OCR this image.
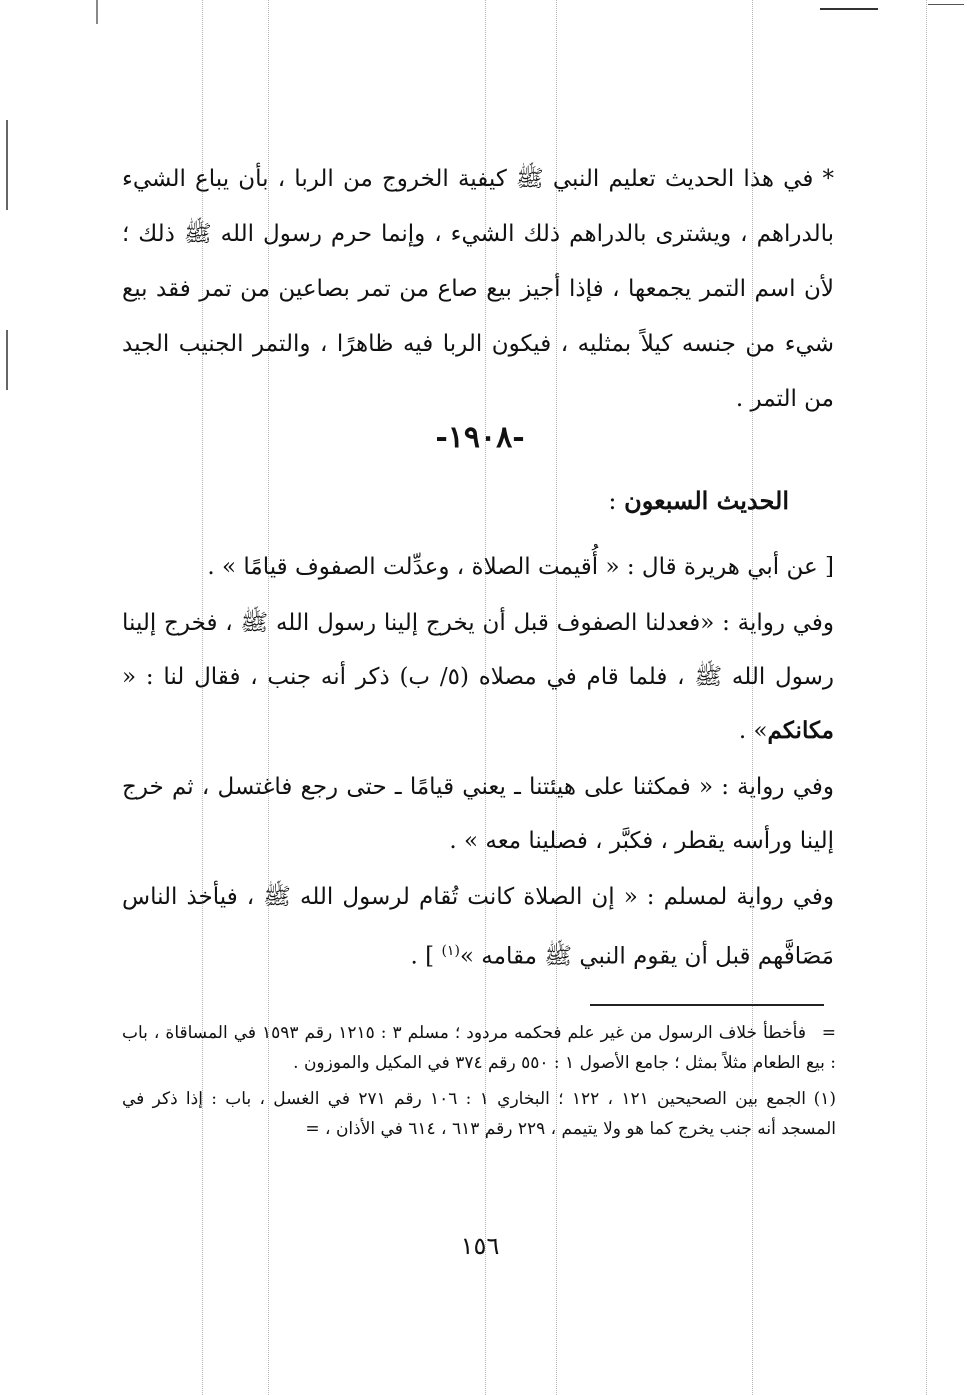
* في هذا الحديث تعليم النبي ﷺ كيفية الخروج من الربا ، بأن يباع الشيء بالدراهم ، ويشترى بالدراهم ذلك الشيء ، وإنما حرم رسول الله ﷺ ذلك ؛ لأن اسم التمر يجمعها ، فإذا أجيز بيع صاع من تمر بصاعين من تمر فقد بيع شيء من جنسه كيلاً بمثليه ، فيكون الربا فيه ظاهرًا ، والتمر الجنيب الجيد من التمر .

-١٩٠٨-
الحديث السبعون :

[ عن أبي هريرة قال : « أُقيمت الصلاة ، وعدِّلت الصفوف قيامًا » .

وفي رواية : «فعدلنا الصفوف قبل أن يخرج إلينا رسول الله ﷺ ، فخرج إلينا رسول الله ﷺ ، فلما قام في مصلاه (٥/ ب) ذكر أنه جنب ، فقال لنا : « مكانكم» .

وفي رواية : « فمكثنا على هيئتنا ـ يعني قيامًا ـ حتى رجع فاغتسل ، ثم خرج إلينا ورأسه يقطر ، فكبَّر ، فصلينا معه » .

وفي رواية لمسلم : « إن الصلاة كانت تُقام لرسول الله ﷺ ، فيأخذ الناس مَصَافَّهم قبل أن يقوم النبي ﷺ مقامه »$^{(١)}$ ] .

=فأخطأ خلاف الرسول من غير علم فحكمه مردود ؛ مسلم ٣ : ١٢١٥ رقم ١٥٩٣ في المساقاة ، باب : بيع الطعام مثلاً بمثل ؛ جامع الأصول ١ : ٥٥٠ رقم ٣٧٤ في المكيل والموزون .

(١)الجمع بين الصحيحين ١٢١ ، ١٢٢ ؛ البخاري ١ : ١٠٦ رقم ٢٧١ في الغسل ، باب : إذا ذكر في المسجد أنه جنب يخرج كما هو ولا يتيمم ، ٢٢٩ رقم ٦١٣ ، ٦١٤ في الأذان ، =

١٥٦
